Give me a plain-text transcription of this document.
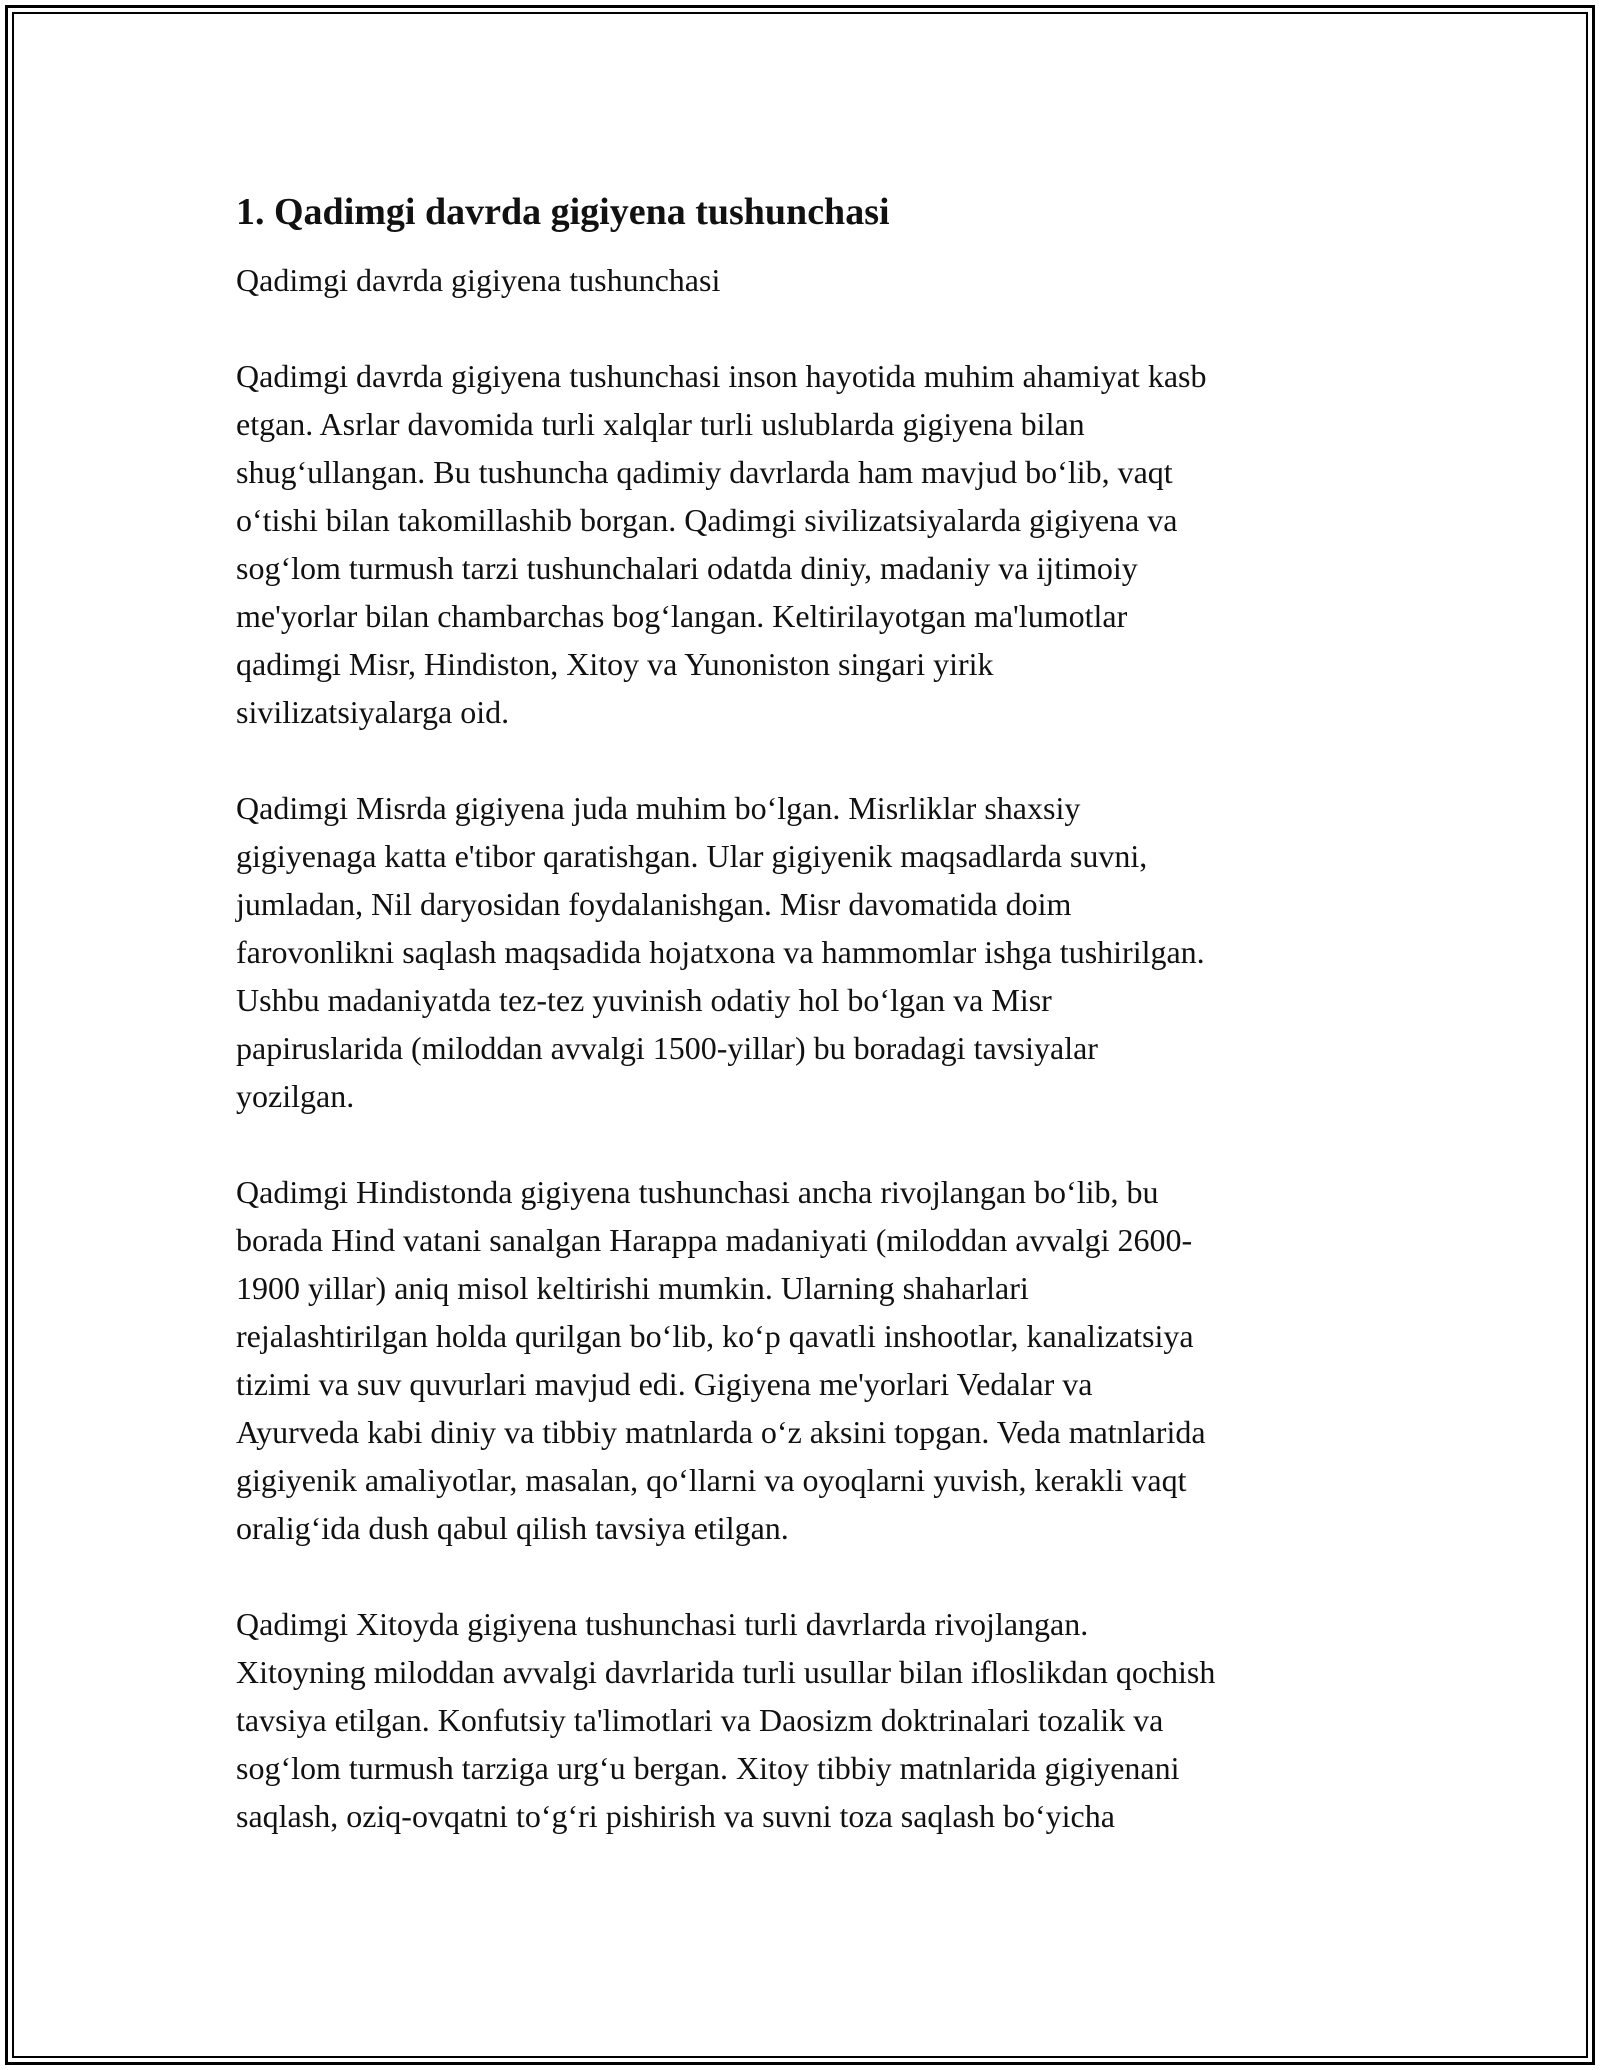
1. Qadimgi davrda gigiyena tushunchasi
Qadimgi davrda gigiyena tushunchasi
Qadimgi davrda gigiyena tushunchasi inson hayotida muhim ahamiyat kasb
etgan. Asrlar davomida turli xalqlar turli uslublarda gigiyena bilan
shug‘ullangan. Bu tushuncha qadimiy davrlarda ham mavjud bo‘lib, vaqt
o‘tishi bilan takomillashib borgan. Qadimgi sivilizatsiyalarda gigiyena va
sog‘lom turmush tarzi tushunchalari odatda diniy, madaniy va ijtimoiy
me'yorlar bilan chambarchas bog‘langan. Keltirilayotgan ma'lumotlar
qadimgi Misr, Hindiston, Xitoy va Yunoniston singari yirik
sivilizatsiyalarga oid.
Qadimgi Misrda gigiyena juda muhim bo‘lgan. Misrliklar shaxsiy
gigiyenaga katta e'tibor qaratishgan. Ular gigiyenik maqsadlarda suvni,
jumladan, Nil daryosidan foydalanishgan. Misr davomatida doim
farovonlikni saqlash maqsadida hojatxona va hammomlar ishga tushirilgan.
Ushbu madaniyatda tez-tez yuvinish odatiy hol bo‘lgan va Misr
papiruslarida (miloddan avvalgi 1500-yillar) bu boradagi tavsiyalar
yozilgan.
Qadimgi Hindistonda gigiyena tushunchasi ancha rivojlangan bo‘lib, bu
borada Hind vatani sanalgan Harappa madaniyati (miloddan avvalgi 2600-
1900 yillar) aniq misol keltirishi mumkin. Ularning shaharlari
rejalashtirilgan holda qurilgan bo‘lib, ko‘p qavatli inshootlar, kanalizatsiya
tizimi va suv quvurlari mavjud edi. Gigiyena me'yorlari Vedalar va
Ayurveda kabi diniy va tibbiy matnlarda o‘z aksini topgan. Veda matnlarida
gigiyenik amaliyotlar, masalan, qo‘llarni va oyoqlarni yuvish, kerakli vaqt
oralig‘ida dush qabul qilish tavsiya etilgan.
Qadimgi Xitoyda gigiyena tushunchasi turli davrlarda rivojlangan.
Xitoyning miloddan avvalgi davrlarida turli usullar bilan ifloslikdan qochish
tavsiya etilgan. Konfutsiy ta'limotlari va Daosizm doktrinalari tozalik va
sog‘lom turmush tarziga urg‘u bergan. Xitoy tibbiy matnlarida gigiyenani
saqlash, oziq-ovqatni to‘g‘ri pishirish va suvni toza saqlash bo‘yicha
